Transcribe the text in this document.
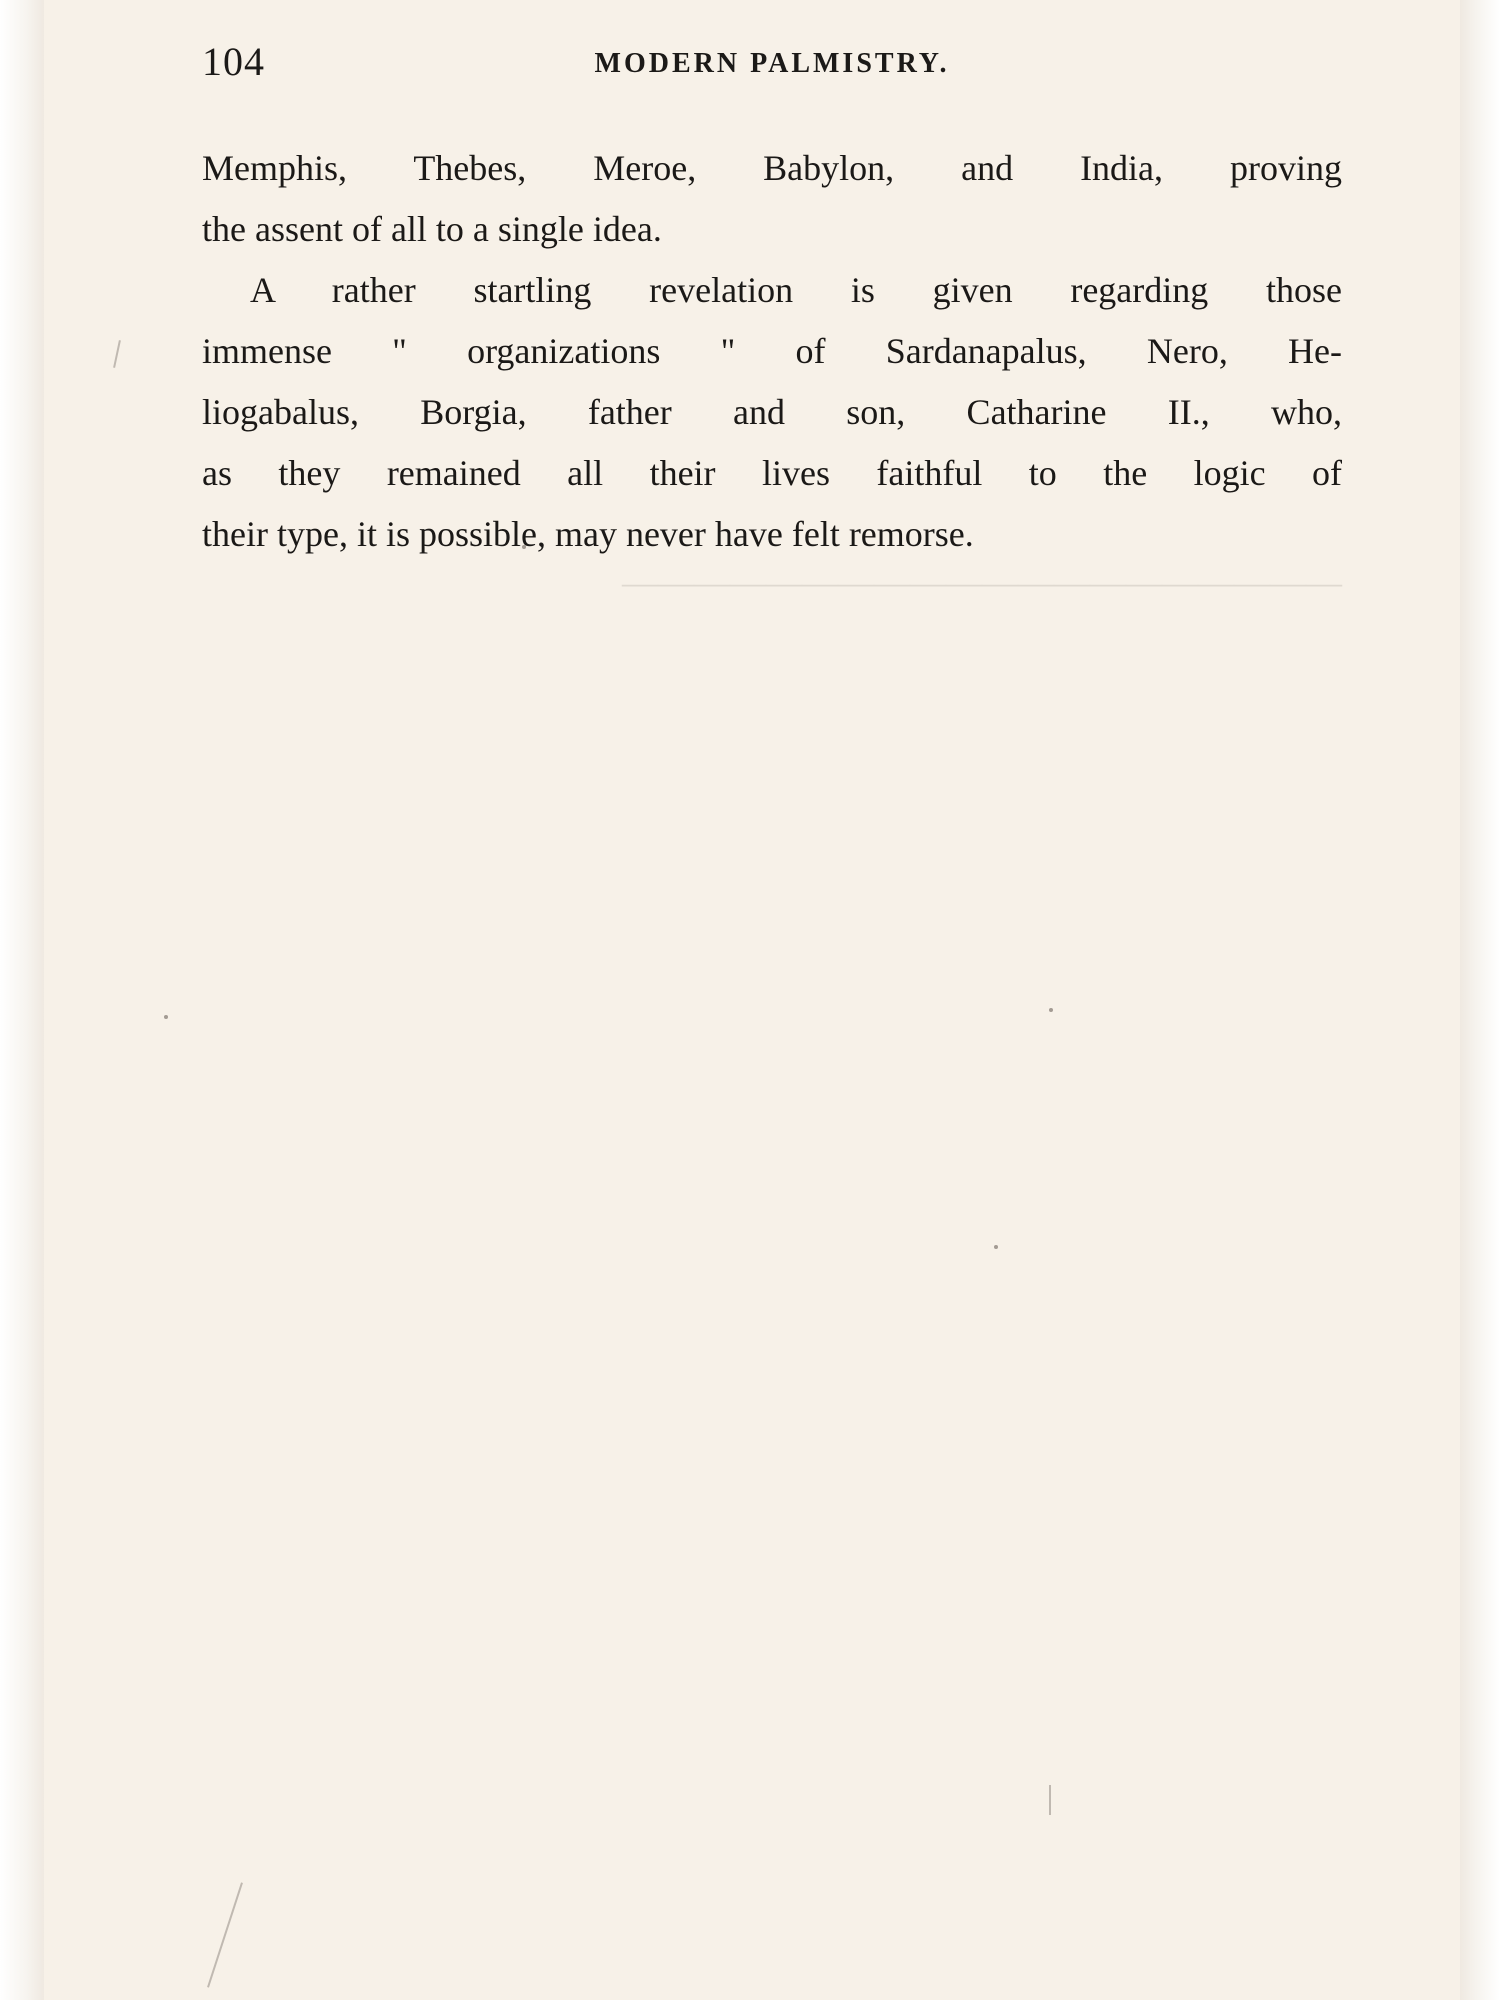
————————————————————
104	MODERN PALMISTRY.
Memphis, Thebes, Meroe, Babylon, and India, proving
the assent of all to a single idea.
A rather startling revelation is given regarding those
immense " organizations " of Sardanapalus, Nero, He-
liogabalus, Borgia, father and son, Catharine II., who,
as they remained all their lives faithful to the logic of
their type, it is possible, may never have felt remorse.
